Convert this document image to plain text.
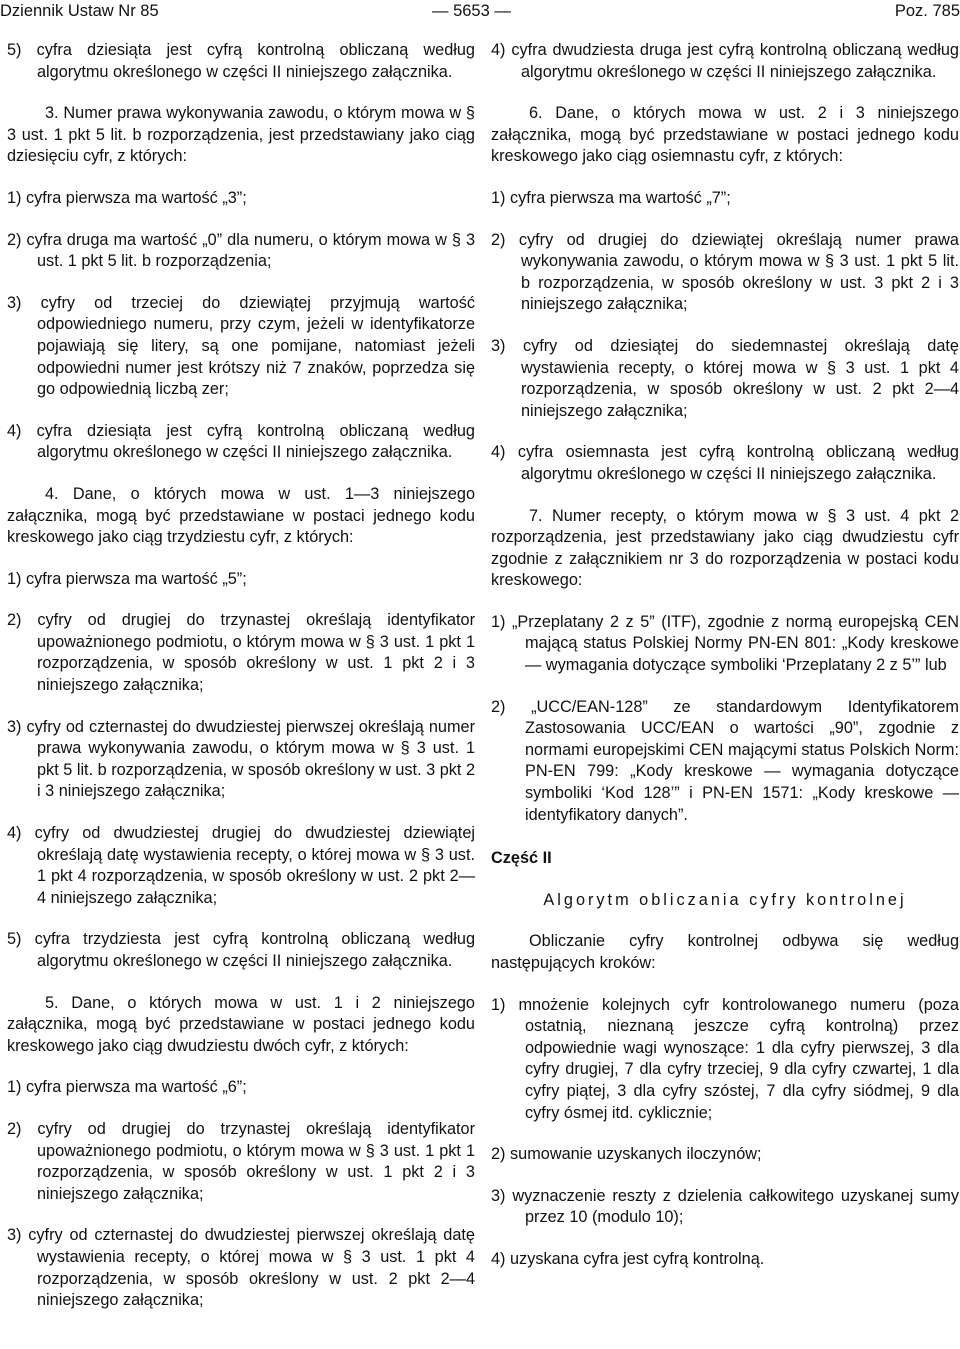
Dziennik Ustaw Nr 85	— 5653 —	Poz. 785
5) cyfra dziesiąta jest cyfrą kontrolną obliczaną według algorytmu określonego w części II niniejszego załącznika.
3. Numer prawa wykonywania zawodu, o którym mowa w § 3 ust. 1 pkt 5 lit. b rozporządzenia, jest przedstawiany jako ciąg dziesięciu cyfr, z których:
1) cyfra pierwsza ma wartość „3”;
2) cyfra druga ma wartość „0” dla numeru, o którym mowa w § 3 ust. 1 pkt 5 lit. b rozporządzenia;
3) cyfry od trzeciej do dziewiątej przyjmują wartość odpowiedniego numeru, przy czym, jeżeli w identyfikatorze pojawiają się litery, są one pomijane, natomiast jeżeli odpowiedni numer jest krótszy niż 7 znaków, poprzedza się go odpowiednią liczbą zer;
4) cyfra dziesiąta jest cyfrą kontrolną obliczaną według algorytmu określonego w części II niniejszego załącznika.
4. Dane, o których mowa w ust. 1—3 niniejszego załącznika, mogą być przedstawiane w postaci jednego kodu kreskowego jako ciąg trzydziestu cyfr, z których:
1) cyfra pierwsza ma wartość „5”;
2) cyfry od drugiej do trzynastej określają identyfikator upoważnionego podmiotu, o którym mowa w § 3 ust. 1 pkt 1 rozporządzenia, w sposób określony w ust. 1 pkt 2 i 3 niniejszego załącznika;
3) cyfry od czternastej do dwudziestej pierwszej określają numer prawa wykonywania zawodu, o którym mowa w § 3 ust. 1 pkt 5 lit. b rozporządzenia, w sposób określony w ust. 3 pkt 2 i 3 niniejszego załącznika;
4) cyfry od dwudziestej drugiej do dwudziestej dziewiątej określają datę wystawienia recepty, o której mowa w § 3 ust. 1 pkt 4 rozporządzenia, w sposób określony w ust. 2 pkt 2—4 niniejszego załącznika;
5) cyfra trzydziesta jest cyfrą kontrolną obliczaną według algorytmu określonego w części II niniejszego załącznika.
5. Dane, o których mowa w ust. 1 i 2 niniejszego załącznika, mogą być przedstawiane w postaci jednego kodu kreskowego jako ciąg dwudziestu dwóch cyfr, z których:
1) cyfra pierwsza ma wartość „6”;
2) cyfry od drugiej do trzynastej określają identyfikator upoważnionego podmiotu, o którym mowa w § 3 ust. 1 pkt 1 rozporządzenia, w sposób określony w ust. 1 pkt 2 i 3 niniejszego załącznika;
3) cyfry od czternastej do dwudziestej pierwszej określają datę wystawienia recepty, o której mowa w § 3 ust. 1 pkt 4 rozporządzenia, w sposób określony w ust. 2 pkt 2—4 niniejszego załącznika;
4) cyfra dwudziesta druga jest cyfrą kontrolną obliczaną według algorytmu określonego w części II niniejszego załącznika.
6. Dane, o których mowa w ust. 2 i 3 niniejszego załącznika, mogą być przedstawiane w postaci jednego kodu kreskowego jako ciąg osiemnastu cyfr, z których:
1) cyfra pierwsza ma wartość „7”;
2) cyfry od drugiej do dziewiątej określają numer prawa wykonywania zawodu, o którym mowa w § 3 ust. 1 pkt 5 lit. b rozporządzenia, w sposób określony w ust. 3 pkt 2 i 3 niniejszego załącznika;
3) cyfry od dziesiątej do siedemnastej określają datę wystawienia recepty, o której mowa w § 3 ust. 1 pkt 4 rozporządzenia, w sposób określony w ust. 2 pkt 2—4 niniejszego załącznika;
4) cyfra osiemnasta jest cyfrą kontrolną obliczaną według algorytmu określonego w części II niniejszego załącznika.
7. Numer recepty, o którym mowa w § 3 ust. 4 pkt 2 rozporządzenia, jest przedstawiany jako ciąg dwudziestu cyfr zgodnie z załącznikiem nr 3 do rozporządzenia w postaci kodu kreskowego:
1) „Przeplatany 2 z 5” (ITF), zgodnie z normą europejską CEN mającą status Polskiej Normy PN-EN 801: „Kody kreskowe — wymagania dotyczące symboliki ‘Przeplatany 2 z 5’” lub
2) „UCC/EAN-128” ze standardowym Identyfikatorem Zastosowania UCC/EAN o wartości „90”, zgodnie z normami europejskimi CEN mającymi status Polskich Norm: PN-EN 799: „Kody kreskowe — wymagania dotyczące symboliki ‘Kod 128’” i PN-EN 1571: „Kody kreskowe — identyfikatory danych”.
Część II
Algorytm obliczania cyfry kontrolnej
Obliczanie cyfry kontrolnej odbywa się według następujących kroków:
1) mnożenie kolejnych cyfr kontrolowanego numeru (poza ostatnią, nieznaną jeszcze cyfrą kontrolną) przez odpowiednie wagi wynoszące: 1 dla cyfry pierwszej, 3 dla cyfry drugiej, 7 dla cyfry trzeciej, 9 dla cyfry czwartej, 1 dla cyfry piątej, 3 dla cyfry szóstej, 7 dla cyfry siódmej, 9 dla cyfry ósmej itd. cyklicznie;
2) sumowanie uzyskanych iloczynów;
3) wyznaczenie reszty z dzielenia całkowitego uzyskanej sumy przez 10 (modulo 10);
4) uzyskana cyfra jest cyfrą kontrolną.
